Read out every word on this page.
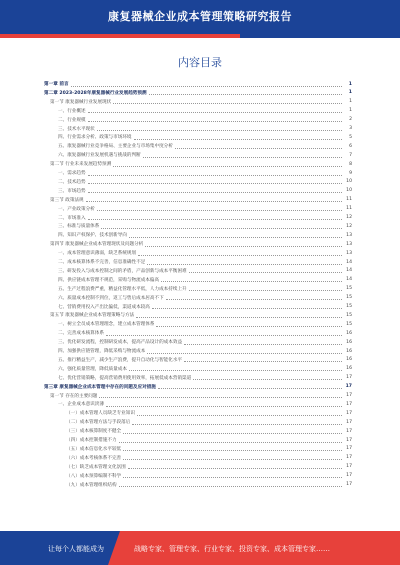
康复器械企业成本管理策略研究报告
内容目录
第一章 前言	1
第二章 2023-2028年康复器械行业发展趋势预测	1
第一节 康复器械行业发展现状	1
一、行业概述	1
二、行业规模	2
三、技术水平现状	3
四、行业需求分析、政策与市场环境	5
五、康复器械行业竞争格局、主要企业与市场集中度分析	6
六、康复器械行业发展机遇与挑战的判断	7
第二节 行业未来发展趋势预测	8
一、需求趋势	9
二、技术趋势	10
三、市场趋势	10
第三节 政策法规	11
一、产业政策分析	11
二、市场准入	12
三、标准与质量体系	12
四、知识产权保护、技术创新导向	13
第四节 康复器械企业成本管理现状及问题分析	13
一、成本管理意识薄弱，缺乏系统规划	13
二、成本核算体系不完善，信息准确性不足	14
三、研发投入与成本控制之间的矛盾，产品创新与成本平衡困难	14
四、供应链成本管理不规范，采购与物流成本偏高	14
五、生产过程浪费严重，精益化管理水平低，人力成本持续上升	15
六、质量成本控制不到位，返工与售后成本居高不下	15
七、营销费用投入产出比偏低，渠道成本较高	15
第五节 康复器械企业成本管理策略与方法	15
一、树立全员成本管理理念，建立成本管理体系	15
二、完善成本核算体系	16
三、优化研发流程，控制研发成本，提高产品设计的成本效益	16
四、加强供应链管理，降低采购与物流成本	16
五、推行精益生产，减少生产浪费，提升自动化与智能化水平	16
六、强化质量管理，降低质量成本	16
七、优化营销策略，提高营销费用使用效率，拓展低成本营销渠道	17
第三章 康复器械企业成本管理中存在的问题及应对措施	17
第一节 存在的主要问题	17
一、企业成本意识淡薄	17
（一）成本管理人员缺乏专业知识	17
（二）成本管理方法与手段落后	17
（三）成本核算制度不健全	17
（四）成本控制措施不力	17
（五）成本信息化水平较低	17
（六）成本考核体系不完善	17
（七）缺乏成本管理文化氛围	17
（八）成本预算编制不科学	17
（九）成本管理组织结构	17
让每个人都能成为	战略专家、管理专家、行业专家、投资专家、成本管理专家……
